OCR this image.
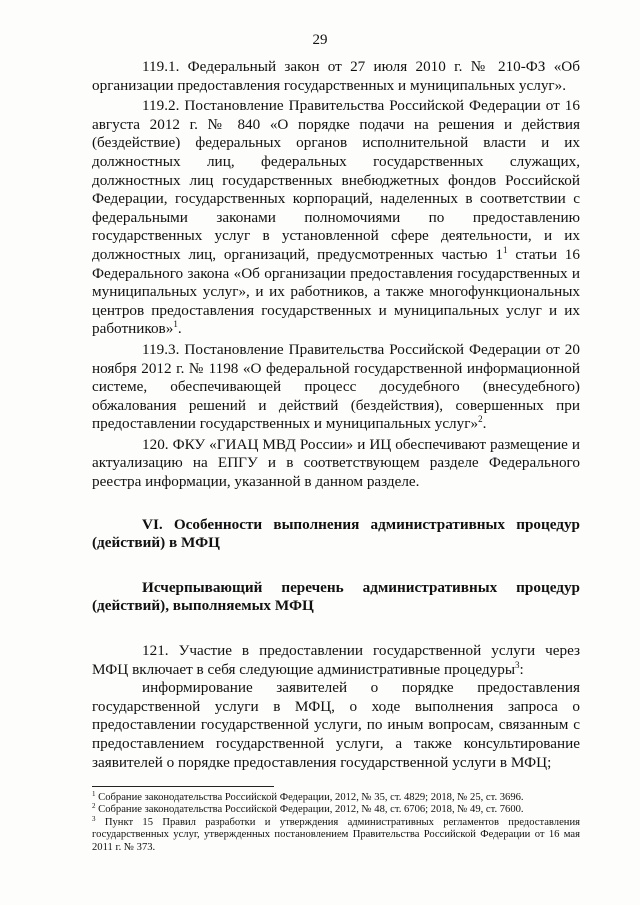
29

119.1. Федеральный закон от 27 июля 2010 г. № 210-ФЗ «Об организации предоставления государственных и муниципальных услуг».

119.2. Постановление Правительства Российской Федерации от 16 августа 2012 г. № 840 «О порядке подачи на решения и действия (бездействие) федеральных органов исполнительной власти и их должностных лиц, федеральных государственных служащих, должностных лиц государственных внебюджетных фондов Российской Федерации, государственных корпораций, наделенных в соответствии с федеральными законами полномочиями по предоставлению государственных услуг в установленной сфере деятельности, и их должностных лиц, организаций, предусмотренных частью $1^1$ статьи 16 Федерального закона «Об организации предоставления государственных и муниципальных услуг», и их работников, а также многофункциональных центров предоставления государственных и муниципальных услуг и их работников»$^1$.

119.3. Постановление Правительства Российской Федерации от 20 ноября 2012 г. № 1198 «О федеральной государственной информационной системе, обеспечивающей процесс досудебного (внесудебного) обжалования решений и действий (бездействия), совершенных при предоставлении государственных и муниципальных услуг»$^2$.

120. ФКУ «ГИАЦ МВД России» и ИЦ обеспечивают размещение и актуализацию на ЕПГУ и в соответствующем разделе Федерального реестра информации, указанной в данном разделе.

VI. Особенности выполнения административных процедур (действий) в МФЦ
Исчерпывающий перечень административных процедур (действий), выполняемых МФЦ

121. Участие в предоставлении государственной услуги через МФЦ включает в себя следующие административные процедуры$^3$:

информирование заявителей о порядке предоставления государственной услуги в МФЦ, о ходе выполнения запроса о предоставлении государственной услуги, по иным вопросам, связанным с предоставлением государственной услуги, а также консультирование заявителей о порядке предоставления государственной услуги в МФЦ;

$^1$ Собрание законодательства Российской Федерации, 2012, № 35, ст. 4829; 2018, № 25, ст. 3696.

$^2$ Собрание законодательства Российской Федерации, 2012, № 48, ст. 6706; 2018, № 49, ст. 7600.

$^3$ Пункт 15 Правил разработки и утверждения административных регламентов предоставления государственных услуг, утвержденных постановлением Правительства Российской Федерации от 16 мая 2011 г. № 373.
